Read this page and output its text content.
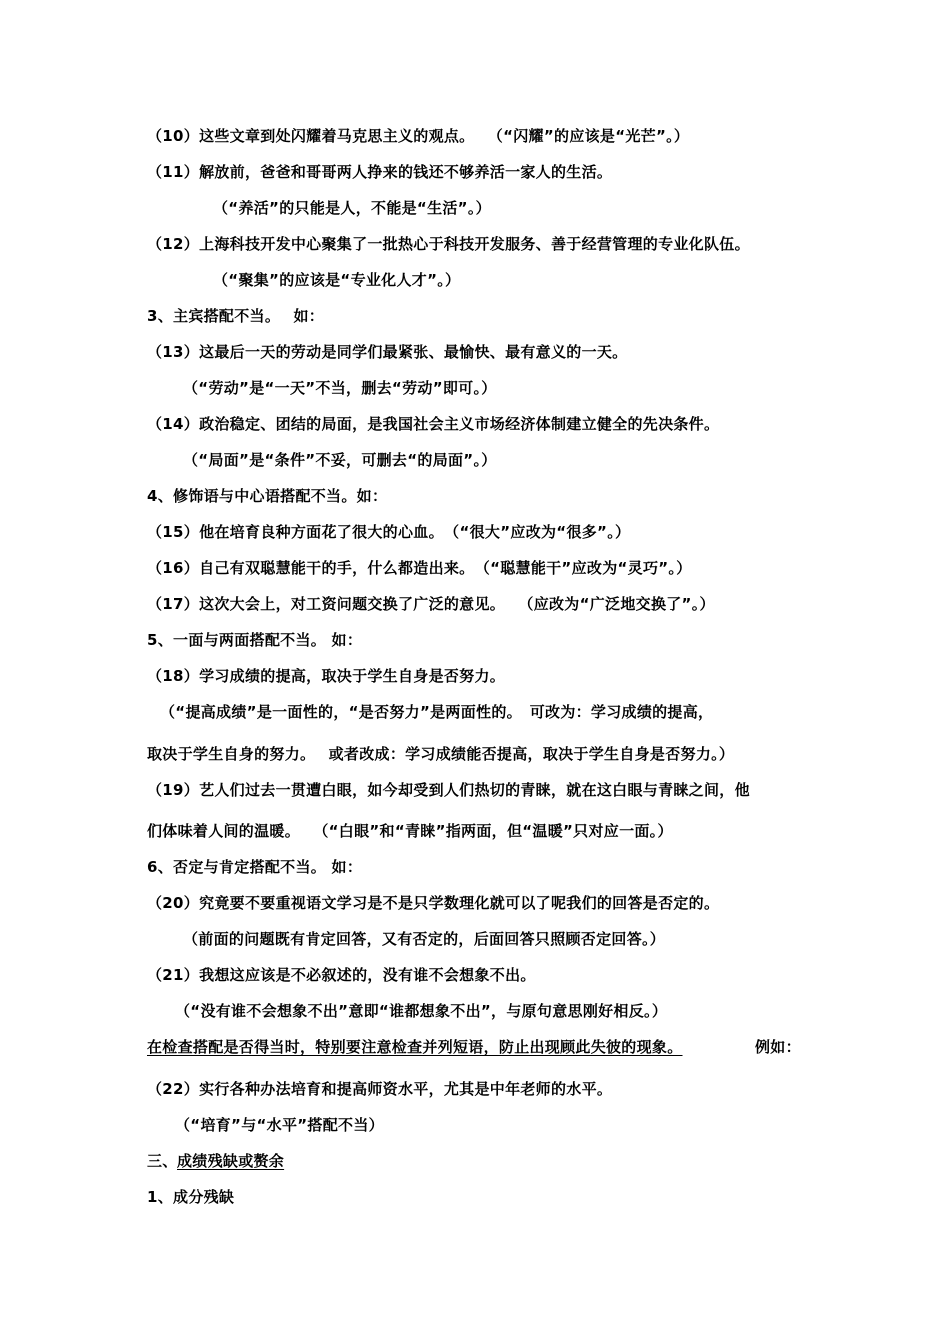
（10）这些文章到处闪耀着马克思主义的观点。　 （“闪耀”的应该是“光芒”。）
（11）解放前，爸爸和哥哥两人挣来的钱还不够养活一家人的生活。
（“养活”的只能是人，不能是“生活”。）
（12）上海科技开发中心聚集了一批热心于科技开发服务、善于经营管理的专业化队伍。
（“聚集”的应该是“专业化人才”。）
3、主宾搭配不当。　 如：
（13）这最后一天的劳动是同学们最紧张、最愉快、最有意义的一天。
（“劳动”是“一天”不当，删去“劳动”即可。）
（14）政治稳定、团结的局面，是我国社会主义市场经济体制建立健全的先决条件。
（“局面”是“条件”不妥，可删去“的局面”。）
4、修饰语与中心语搭配不当。如：
（15）他在培育良种方面花了很大的心血。　（“很大”应改为“很多”。）
（16）自己有双聪慧能干的手，什么都造出来。　（“聪慧能干”应改为“灵巧”。）
（17）这次大会上，对工资问题交换了广泛的意见。　 （应改为“广泛地交换了”。）
5、一面与两面搭配不当。 如：
（18）学习成绩的提高，取决于学生自身是否努力。
（“提高成绩”是一面性的，“是否努力”是两面性的。　可改为：学习成绩的提高，
取决于学生自身的努力。　 或者改成：学习成绩能否提高，取决于学生自身是否努力。）
（19）艺人们过去一贯遭白眼，如今却受到人们热切的青睐，就在这白眼与青睐之间，他
们体味着人间的温暖。　 （“白眼”和“青睐”指两面，但“温暖”只对应一面。）
6、否定与肯定搭配不当。 如：
（20）究竟要不要重视语文学习是不是只学数理化就可以了呢我们的回答是否定的。
（前面的问题既有肯定回答，又有否定的，后面回答只照顾否定回答。）
（21）我想这应该是不必叙述的，没有谁不会想象不出。
（“没有谁不会想象不出”意即“谁都想象不出”，与原句意思刚好相反。）
在检查搭配是否得当时，特别要注意检查并列短语，防止出现顾此失彼的现象。	例如：
（22）实行各种办法培育和提高师资水平，尤其是中年老师的水平。
（“培育”与“水平”搭配不当）
三、 成绩残缺或赘余
1、成分残缺
